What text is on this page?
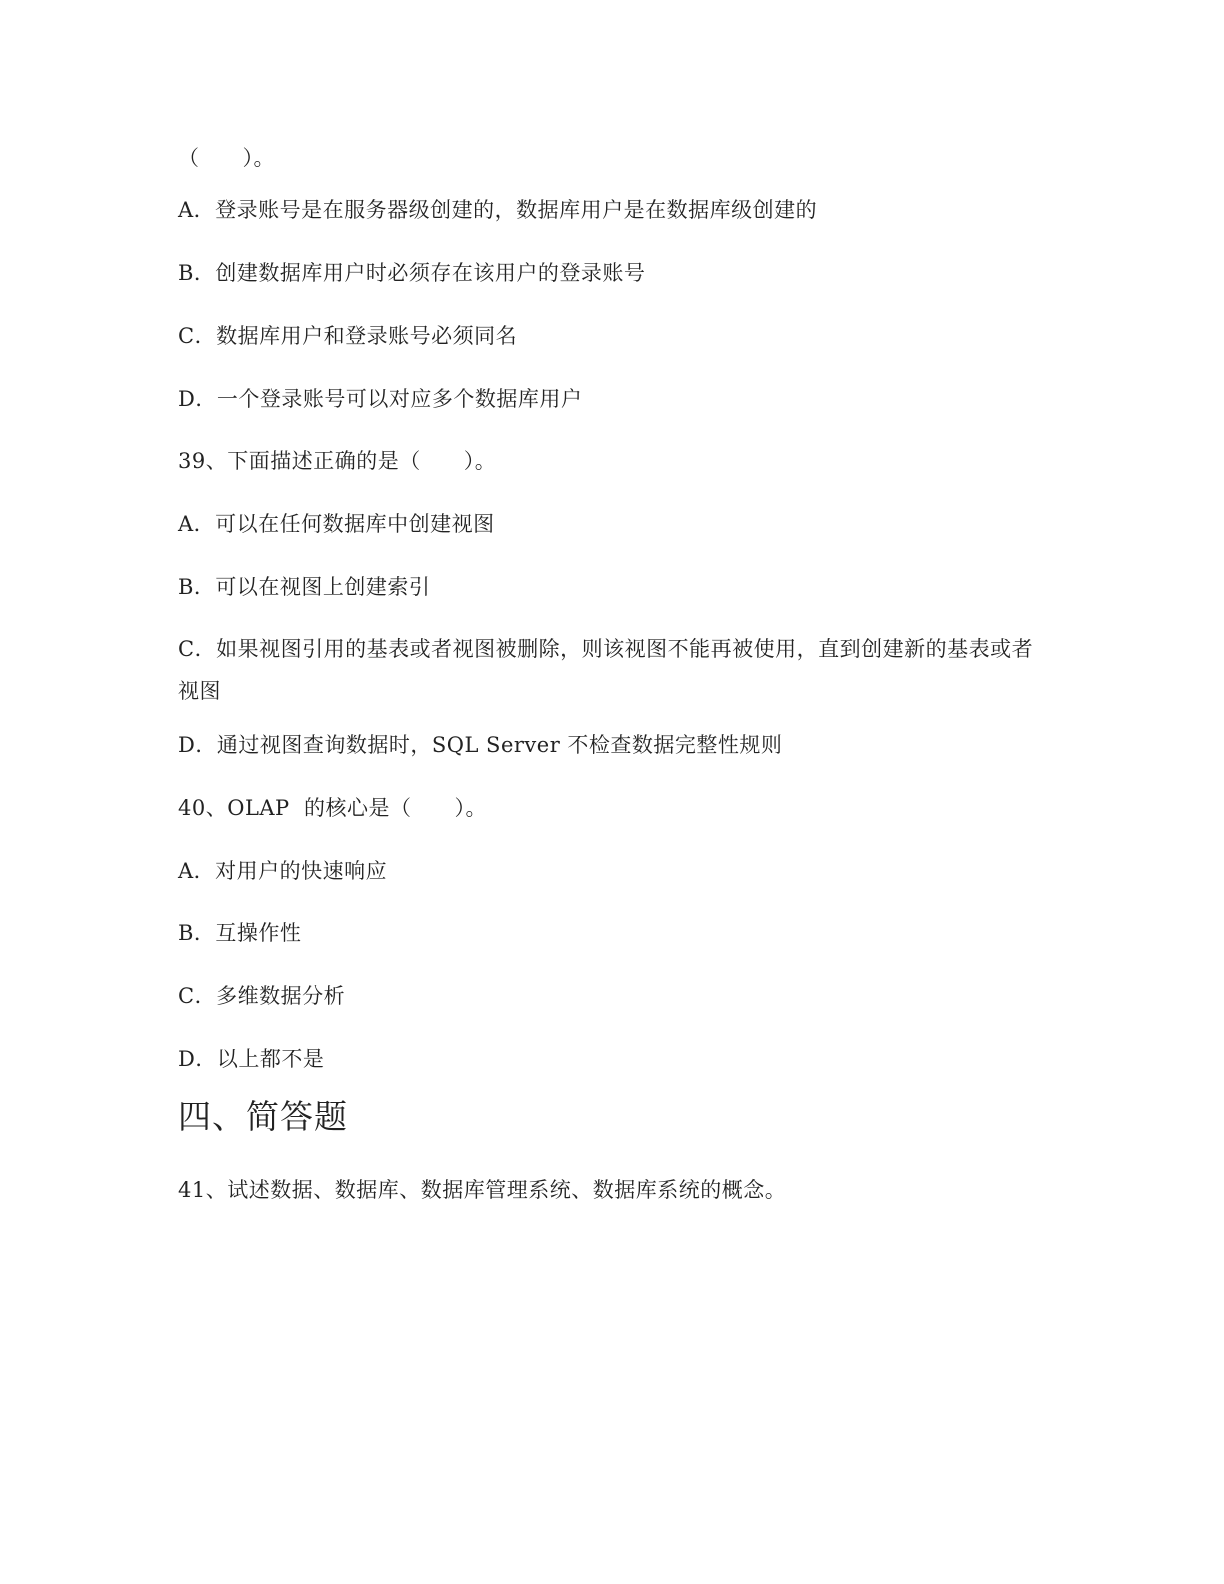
（　　）。
A．登录账号是在服务器级创建的，数据库用户是在数据库级创建的
B．创建数据库用户时必须存在该用户的登录账号
C．数据库用户和登录账号必须同名
D．一个登录账号可以对应多个数据库用户
39、下面描述正确的是（　　）。
A．可以在任何数据库中创建视图
B．可以在视图上创建索引
C．如果视图引用的基表或者视图被删除，则该视图不能再被使用，直到创建新的基表或者视图
D．通过视图查询数据时，SQL Server 不检查数据完整性规则
40、OLAP  的核心是（　　）。
A．对用户的快速响应
B．互操作性
C．多维数据分析
D．以上都不是
四、简答题
41、试述数据、数据库、数据库管理系统、数据库系统的概念。
